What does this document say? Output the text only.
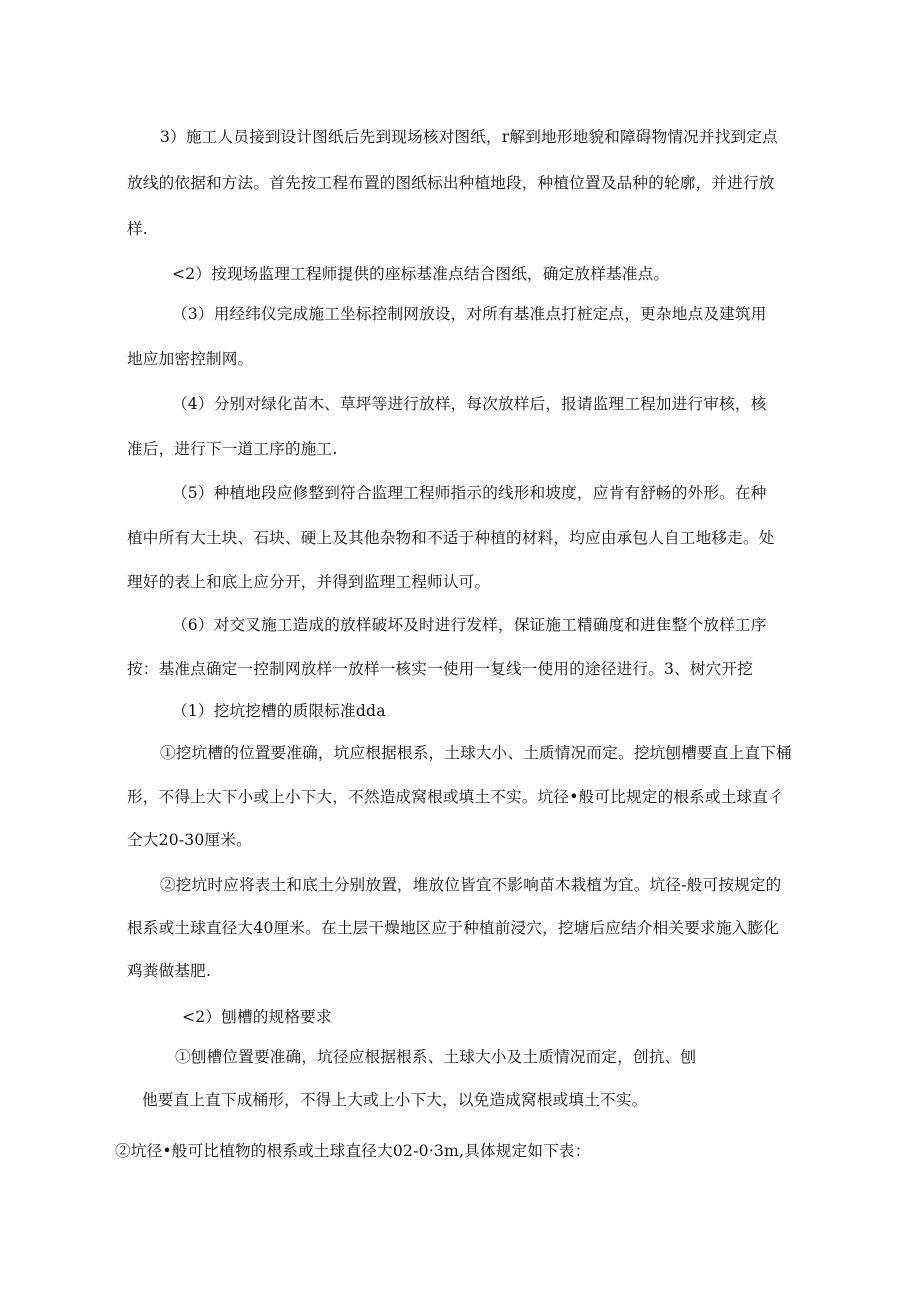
3）施工人员接到设计图纸后先到现场核对图纸，r解到地形地貌和障碍物情况并找到定点
放线的依据和方法。首先按工程布置的图纸标出种植地段，种植位置及品种的轮廓，并进行放
样.
<2）按现场监理工程师提供的座标基准点结合图纸，确定放样基准点。
（3）用经纬仪完成施工坐标控制网放设，对所有基准点打桩定点，更杂地点及建筑用
地应加密控制网。
（4）分别对绿化苗木、草坪等进行放样，每次放样后，报请监理工程加进行审核，核
准后，进行下一道工序的施工.
（5）种植地段应修整到符合监理工程师指示的线形和坡度，应肯有舒畅的外形。在种
植中所有大土块、石块、硬上及其他杂物和不适于种植的材料，均应由承包人自工地移走。处
理好的表上和底上应分开，并得到监理工程师认可。
（6）对交叉施工造成的放样破坏及时进行发样，保证施工精确度和进隹整个放样工序
按：基准点确定一控制网放样一放样一核实一使用一复线一使用的途径进行。3、树穴开挖
（1）挖坑挖槽的质限标准dda
①挖坑槽的位置要准确，坑应根据根系，土球大小、土质情况而定。挖坑刨槽要直上直下桶
形，不得上大下小或上小下大，不然造成窝根或填土不实。坑径•般可比规定的根系或土球直彳
仝大20-30厘米。
②挖坑时应将表土和底土分别放置，堆放位皆宜不影响苗木栽植为宜。坑径-般可按规定的
根系或土球直径大40厘米。在土层干燥地区应于种植前浸穴，挖塘后应结介相关要求施入膨化
鸡粪做基肥.
<2）刨槽的规格要求
①刨槽位置要准确，坑径应根据根系、土球大小及土质情况而定，创抗、刨
他要直上直下成桶形，不得上大或上小下大，以免造成窝根或填土不实。
②坑径•般可比植物的根系或土球直径大02-0·3m,具体规定如下表：
